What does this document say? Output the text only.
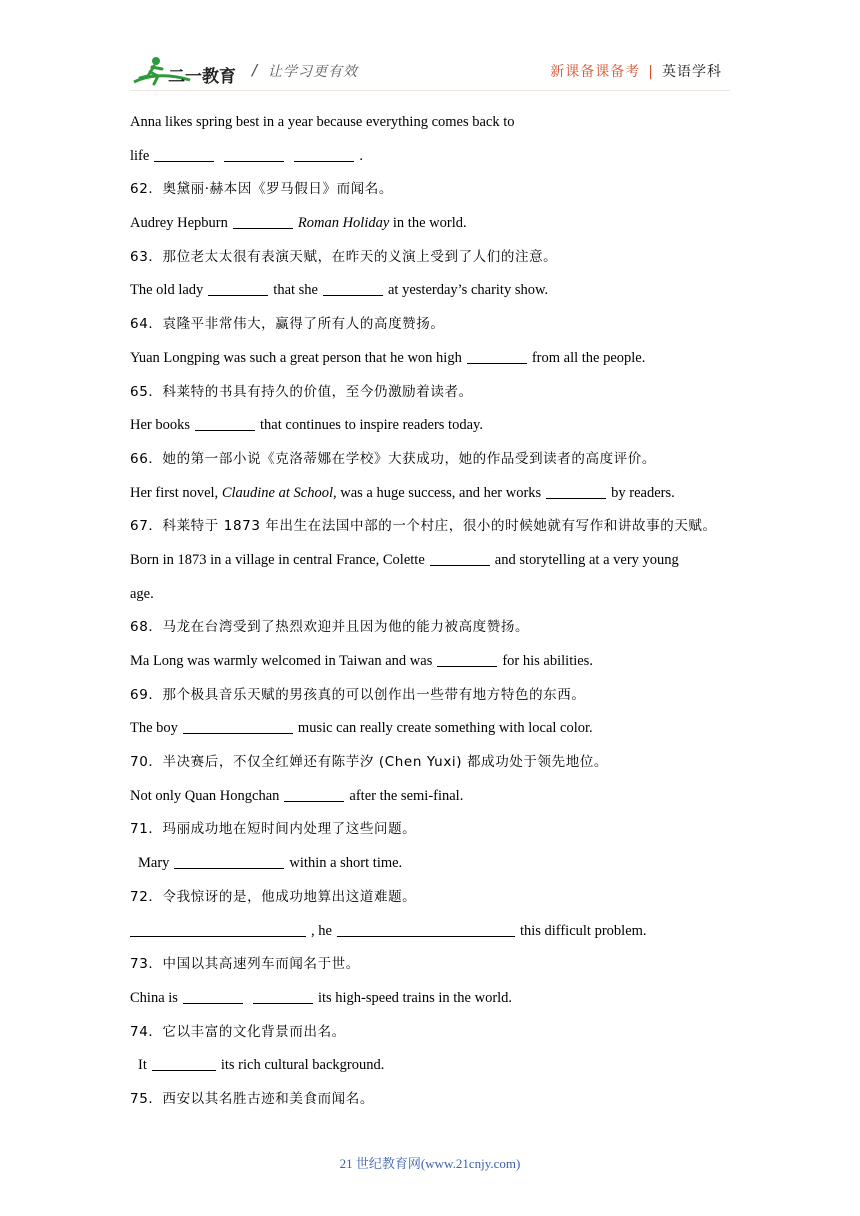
二一教育 / 让学习更有效	新课备课备考 | 英语学科
Anna likes spring best in a year because everything comes back to
life	.
62．奥黛丽·赫本因《罗马假日》而闻名。
Audrey Hepburn	Roman Holiday in the world.
63．那位老太太很有表演天赋，在昨天的义演上受到了人们的注意。
The old lady	that she	at yesterday’s charity show.
64．袁隆平非常伟大，赢得了所有人的高度赞扬。
Yuan Longping was such a great person that he won high	from all the people.
65．科莱特的书具有持久的价值，至今仍激励着读者。
Her books	that continues to inspire readers today.
66．她的第一部小说《克洛蒂娜在学校》大获成功，她的作品受到读者的高度评价。
Her first novel, Claudine at School, was a huge success, and her works	by readers.
67．科莱特于 1873 年出生在法国中部的一个村庄，很小的时候她就有写作和讲故事的天赋。
Born in 1873 in a village in central France, Colette	and storytelling at a very young
age.
68．马龙在台湾受到了热烈欢迎并且因为他的能力被高度赞扬。
Ma Long was warmly welcomed in Taiwan and was	for his abilities.
69．那个极具音乐天赋的男孩真的可以创作出一些带有地方特色的东西。
The boy	music can really create something with local color.
70．半决赛后，不仅全红婵还有陈芋汐 (Chen Yuxi) 都成功处于领先地位。
Not only Quan Hongchan	after the semi-final.
71．玛丽成功地在短时间内处理了这些问题。
Mary	within a short time.
72．令我惊讶的是，他成功地算出这道难题。
, he	this difficult problem.
73．中国以其高速列车而闻名于世。
China is	its high-speed trains in the world.
74．它以丰富的文化背景而出名。
It	its rich cultural background.
75．西安以其名胜古迹和美食而闻名。
21 世纪教育网(www.21cnjy.com)
